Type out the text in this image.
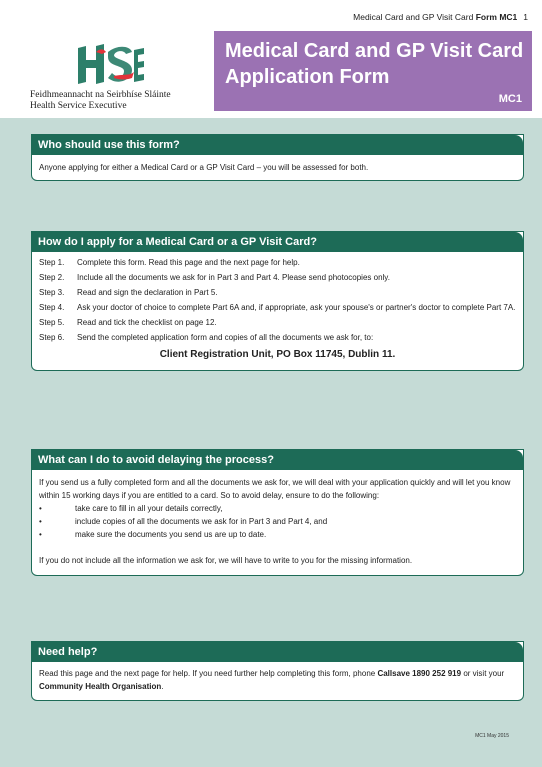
Medical Card and GP Visit Card Form MC1 1
Feidhmeannacht na Seirbhíse Sláinte
Health Service Executive
Medical Card and GP Visit Card Application Form
MC1
Who should use this form?
Anyone applying for either a Medical Card or a GP Visit Card – you will be assessed for both.
How do I apply for a Medical Card or a GP Visit Card?
Step 1.	Complete this form. Read this page and the next page for help.
Step 2.	Include all the documents we ask for in Part 3 and Part 4. Please send photocopies only.
Step 3.	Read and sign the declaration in Part 5.
Step 4.	Ask your doctor of choice to complete Part 6A and, if appropriate, ask your spouse's or partner's doctor to complete Part 7A.
Step 5.	Read and tick the checklist on page 12.
Step 6.	Send the completed application form and copies of all the documents we ask for, to:
Client Registration Unit, PO Box 11745, Dublin 11.
What can I do to avoid delaying the process?
If you send us a fully completed form and all the documents we ask for, we will deal with your application quickly and will let you know within 15 working days if you are entitled to a card. So to avoid delay, ensure to do the following:
•	take care to fill in all your details correctly,
•	include copies of all the documents we ask for in Part 3 and Part 4, and
•	make sure the documents you send us are up to date.
If you do not include all the information we ask for, we will have to write to you for the missing information.
Need help?
Read this page and the next page for help. If you need further help completing this form, phone Callsave 1890 252 919 or visit your Community Health Organisation.
MC1 May 2015
